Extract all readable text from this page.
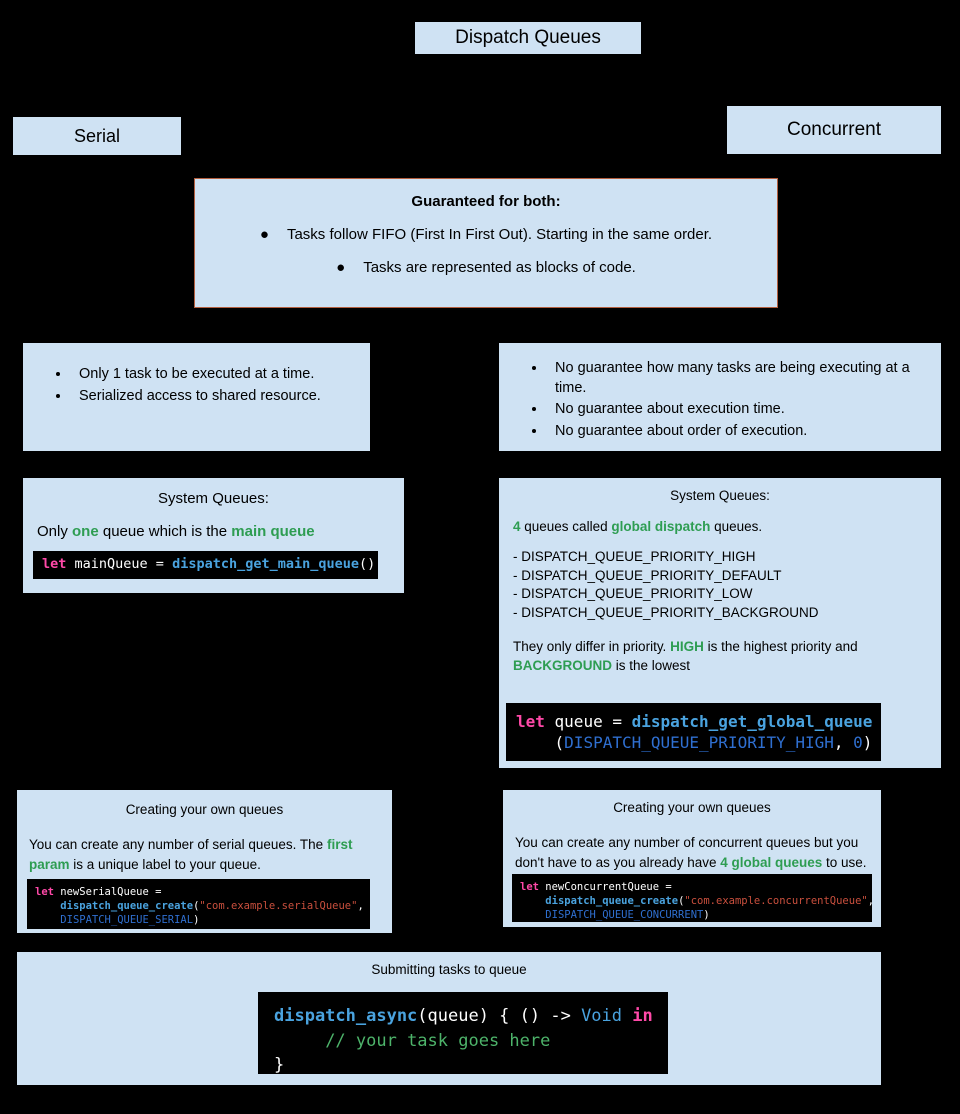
Dispatch Queues
Serial	Concurrent
Guaranteed for both:
● Tasks follow FIFO (First In First Out). Starting in the same order.
● Tasks are represented as blocks of code.
• Only 1 task to be executed at a time.
• Serialized access to shared resource.
• No guarantee how many tasks are being executing at a time.
• No guarantee about execution time.
• No guarantee about order of execution.
System Queues:
Only one queue which is the main queue
let mainQueue = dispatch_get_main_queue()
System Queues:
4 queues called global dispatch queues.
- DISPATCH_QUEUE_PRIORITY_HIGH
- DISPATCH_QUEUE_PRIORITY_DEFAULT
- DISPATCH_QUEUE_PRIORITY_LOW
- DISPATCH_QUEUE_PRIORITY_BACKGROUND
They only differ in priority. HIGH is the highest priority and BACKGROUND is the lowest
let queue = dispatch_get_global_queue
(DISPATCH_QUEUE_PRIORITY_HIGH, 0)
Creating your own queues
You can create any number of serial queues. The first param is a unique label to your queue.
let newSerialQueue =
dispatch_queue_create("com.example.serialQueue",
DISPATCH_QUEUE_SERIAL)
Creating your own queues
You can create any number of concurrent queues but you don't have to as you already have 4 global queues to use.
let newConcurrentQueue =
dispatch_queue_create("com.example.concurrentQueue",
DISPATCH_QUEUE_CONCURRENT)
Submitting tasks to queue
dispatch_async(queue) { () -> Void in
// your task goes here
}
